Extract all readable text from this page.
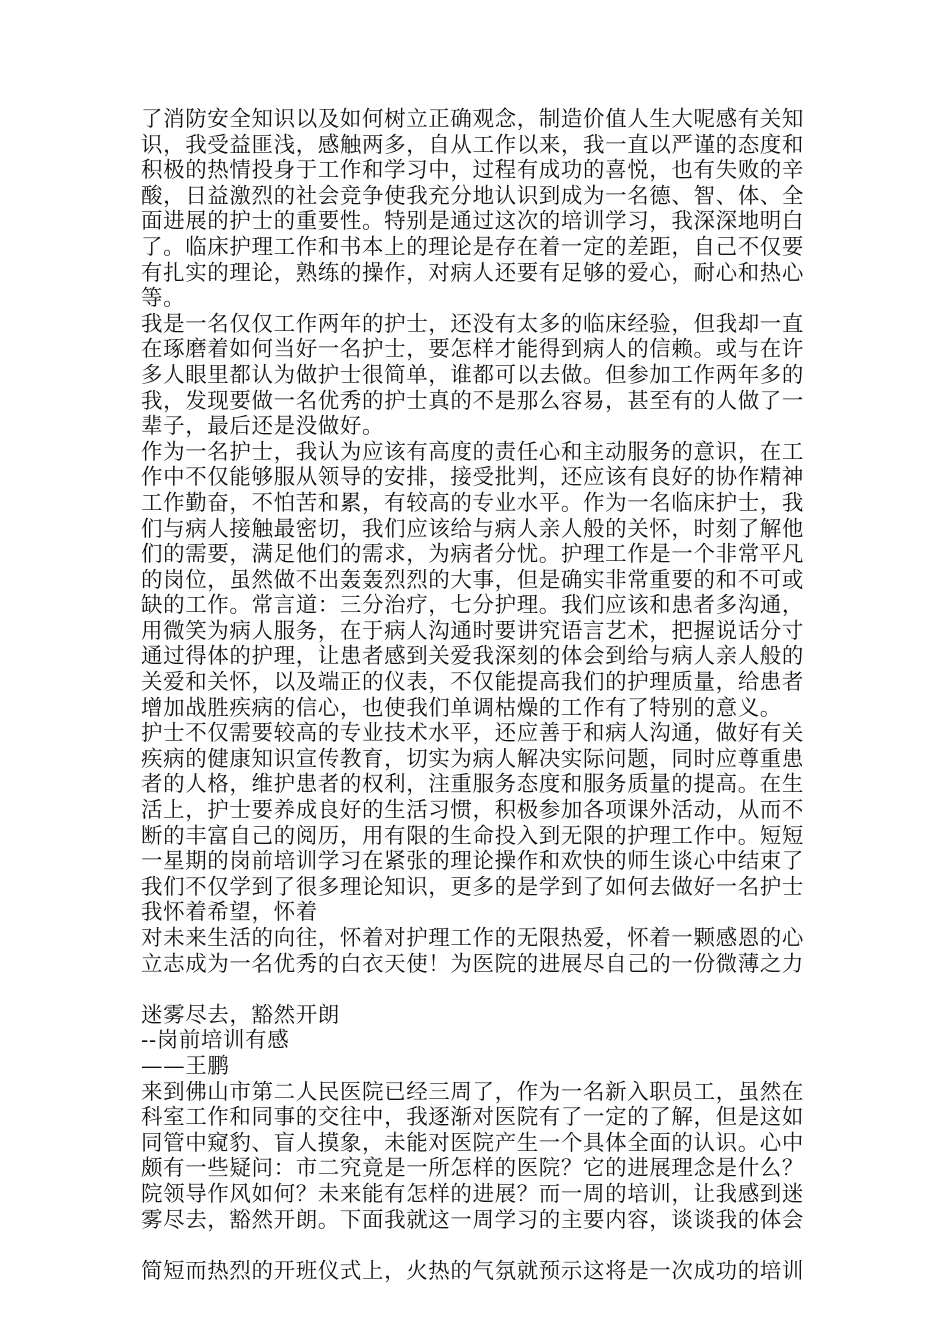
了消防安全知识以及如何树立正确观念，制造价值人生大呢感有关知
识，我受益匪浅，感触两多，自从工作以来，我一直以严谨的态度和
积极的热情投身于工作和学习中，过程有成功的喜悦，也有失败的辛
酸，日益激烈的社会竞争使我充分地认识到成为一名德、智、体、全
面进展的护士的重要性。特别是通过这次的培训学习，我深深地明白
了。临床护理工作和书本上的理论是存在着一定的差距，自己不仅要
有扎实的理论，熟练的操作，对病人还要有足够的爱心，耐心和热心
等。
我是一名仅仅工作两年的护士，还没有太多的临床经验，但我却一直
在琢磨着如何当好一名护士，要怎样才能得到病人的信赖。或与在许
多人眼里都认为做护士很简单，谁都可以去做。但参加工作两年多的
我，发现要做一名优秀的护士真的不是那么容易，甚至有的人做了一
辈子，最后还是没做好。
作为一名护士，我认为应该有高度的责任心和主动服务的意识，在工
作中不仅能够服从领导的安排，接受批判，还应该有良好的协作精神
工作勤奋，不怕苦和累，有较高的专业水平。作为一名临床护士，我
们与病人接触最密切，我们应该给与病人亲人般的关怀，时刻了解他
们的需要，满足他们的需求，为病者分忧。护理工作是一个非常平凡
的岗位，虽然做不出轰轰烈烈的大事，但是确实非常重要的和不可或
缺的工作。常言道：三分治疗，七分护理。我们应该和患者多沟通，
用微笑为病人服务，在于病人沟通时要讲究语言艺术，把握说话分寸
通过得体的护理，让患者感到关爱我深刻的体会到给与病人亲人般的
关爱和关怀，以及端正的仪表，不仅能提高我们的护理质量，给患者
增加战胜疾病的信心，也使我们单调枯燥的工作有了特别的意义。
护士不仅需要较高的专业技术水平，还应善于和病人沟通，做好有关
疾病的健康知识宣传教育，切实为病人解决实际问题，同时应尊重患
者的人格，维护患者的权利，注重服务态度和服务质量的提高。在生
活上，护士要养成良好的生活习惯，积极参加各项课外活动，从而不
断的丰富自己的阅历，用有限的生命投入到无限的护理工作中。短短
一星期的岗前培训学习在紧张的理论操作和欢快的师生谈心中结束了
我们不仅学到了很多理论知识，更多的是学到了如何去做好一名护士
我怀着希望，怀着
对未来生活的向往，怀着对护理工作的无限热爱，怀着一颗感恩的心
立志成为一名优秀的白衣天使！为医院的进展尽自己的一份微薄之力
迷雾尽去，豁然开朗
--岗前培训有感
——王鹏
来到佛山市第二人民医院已经三周了，作为一名新入职员工，虽然在
科室工作和同事的交往中，我逐渐对医院有了一定的了解，但是这如
同管中窥豹、盲人摸象，未能对医院产生一个具体全面的认识。心中
颇有一些疑问：市二究竟是一所怎样的医院？它的进展理念是什么？
院领导作风如何？未来能有怎样的进展？而一周的培训，让我感到迷
雾尽去，豁然开朗。下面我就这一周学习的主要内容，谈谈我的体会
简短而热烈的开班仪式上，火热的气氛就预示这将是一次成功的培训
